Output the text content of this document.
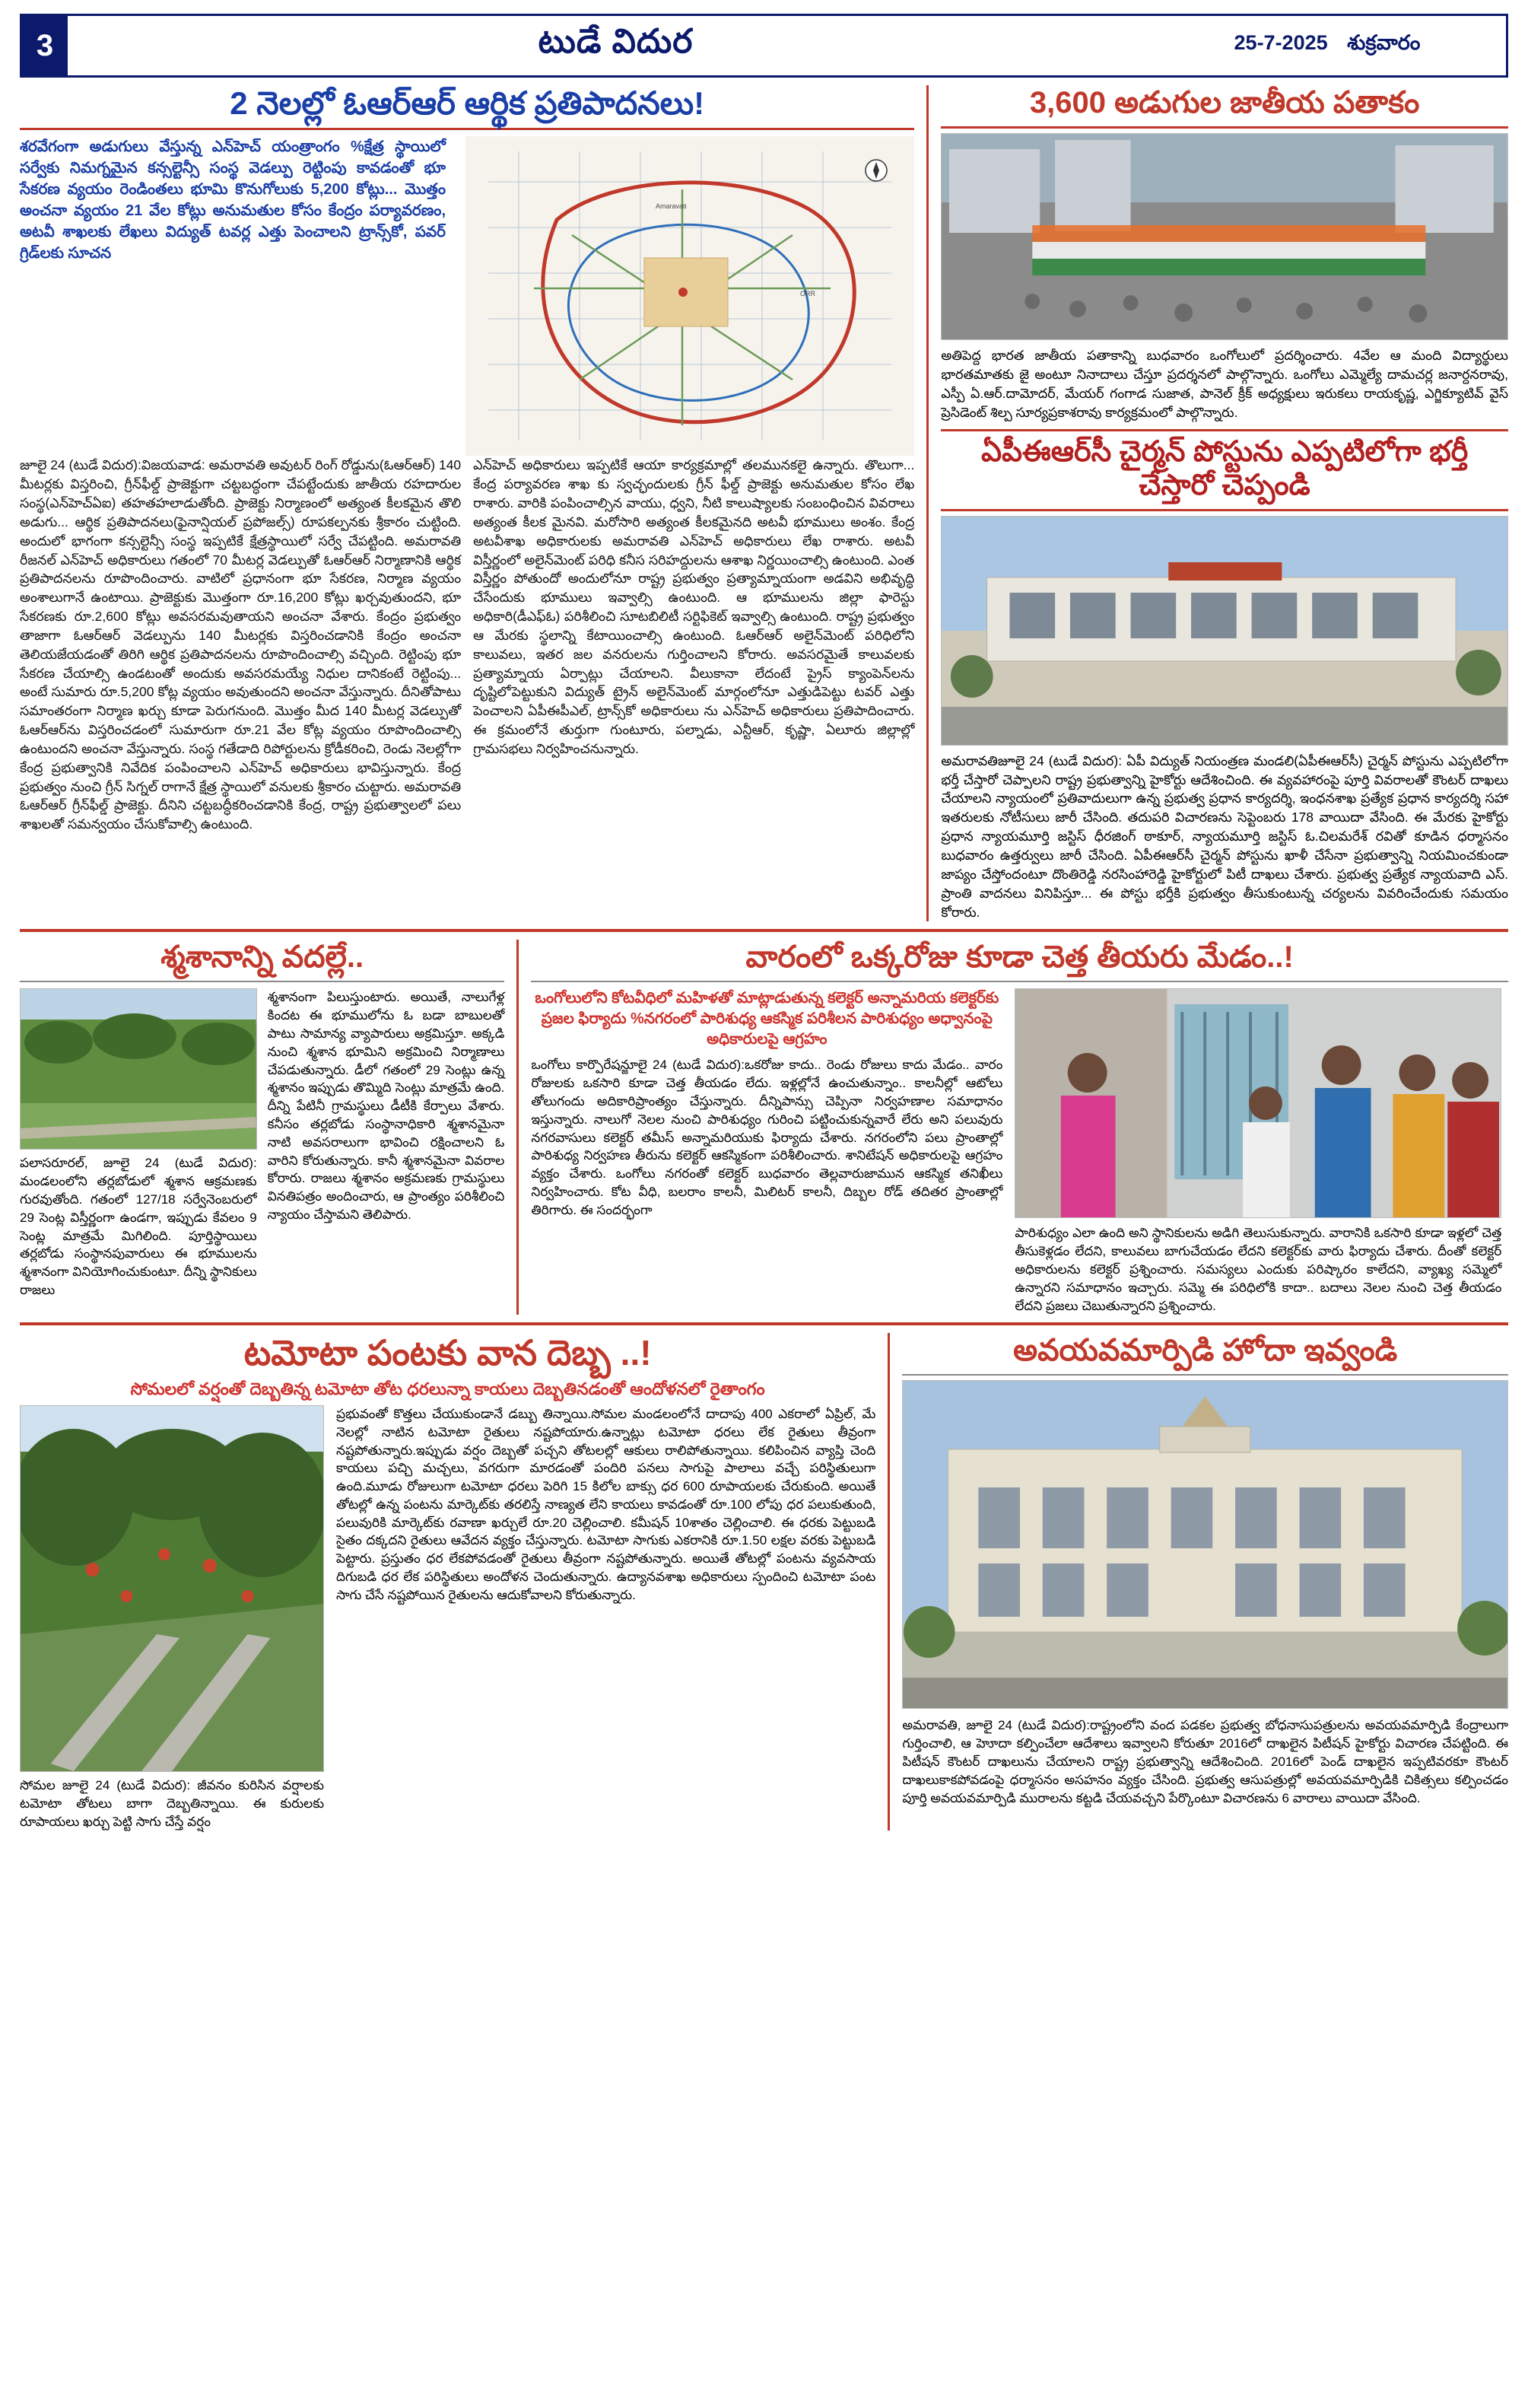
3	టుడే విదుర	25-7-2025 శుక్రవారం
2 నెలల్లో ఓఆర్ఆర్ ఆర్థిక ప్రతిపాదనలు!
శరవేగంగా అడుగులు వేస్తున్న ఎన్‌హెచ్‌ యంత్రాంగం %క్షేత్ర స్థాయిలో సర్వేకు నిమగ్నమైన కన్సల్టెన్సీ సంస్థ వెడల్పు రెట్టింపు కావడంతో భూ సేకరణ వ్యయం రెండింతలు భూమి కొనుగోలుకు 5,200 కోట్లు... మొత్తం అంచనా వ్యయం 21 వేల కోట్లు అనుమతుల కోసం కేంద్రం పర్యావరణం, అటవీ శాఖలకు లేఖలు విద్యుత్ టవర్ల ఎత్తు పెంచాలని ట్రాన్స్‌కో, పవర్ గ్రిడ్‌లకు సూచన
Amaravati
ORR
జూలై 24 (టుడే విదుర):విజయవాడ: అమరావతి అవుటర్ రింగ్ రోడ్డును(ఓఆర్ఆర్) 140 మీటర్లకు విస్తరించి, గ్రీన్‌ఫీల్డ్ ప్రాజెక్టుగా చట్టబద్ధంగా చేపట్టేందుకు జాతీయ రహదారుల సంస్థ(ఎన్‌హెచ్‌ఏఐ) తహతహలాడుతోంది. ప్రాజెక్టు నిర్మాణంలో అత్యంత కీలకమైన తొలి అడుగు... ఆర్థిక ప్రతిపాదనలు(ఫైనాన్షియల్ ప్రపోజల్స్) రూపకల్పనకు శ్రీకారం చుట్టింది. అందులో భాగంగా కన్సల్టెన్సీ సంస్థ ఇప్పటికే క్షేత్రస్థాయిలో సర్వే చేపట్టింది. అమరావతి రీజనల్ ఎన్‌హెచ్‌ అధికారులు గతంలో 70 మీటర్ల వెడల్పుతో ఓఆర్ఆర్ నిర్మాణానికి ఆర్థిక ప్రతిపాదనలను రూపొందించారు. వాటిలో ప్రధానంగా భూ సేకరణ, నిర్మాణ వ్యయం అంశాలుగానే ఉంటాయి. ప్రాజెక్టుకు మొత్తంగా రూ.16,200 కోట్లు ఖర్చవుతుందని, భూ సేకరణకు రూ.2,600 కోట్లు అవసరమవుతాయని అంచనా వేశారు. కేంద్రం ప్రభుత్వం తాజాగా ఓఆర్ఆర్ వెడల్పును 140 మీటర్లకు విస్తరించడానికి కేంద్రం అంచనా తెలియజేయడంతో తిరిగి ఆర్థిక ప్రతిపాదనలను రూపొందించాల్సి వచ్చింది. రెట్టింపు భూ సేకరణ చేయాల్సి ఉండటంతో అందుకు అవసరమయ్యే నిధుల దానికంటే రెట్టింపు... అంటే సుమారు రూ.5,200 కోట్ల వ్యయం అవుతుందని అంచనా వేస్తున్నారు. దీనితోపాటు సమాంతరంగా నిర్మాణ ఖర్చు కూడా పెరుగనుంది. మొత్తం మీద 140 మీటర్ల వెడల్పుతో ఓఆర్ఆర్‌ను విస్తరించడంలో సుమారుగా రూ.21 వేల కోట్ల వ్యయం రూపొందించాల్సి ఉంటుందని అంచనా వేస్తున్నారు. సంస్థ గతేడాది రిపోర్టులను క్రోడీకరించి, రెండు నెలల్లోగా కేంద్ర ప్రభుత్వానికి నివేదిక పంపించాలని ఎన్‌హెచ్ అధికారులు భావిస్తున్నారు. కేంద్ర ప్రభుత్వం నుంచి గ్రీన్ సిగ్నల్ రాగానే క్షేత్ర స్థాయిలో వనులకు శ్రీకారం చుట్టారు. అమరావతి ఓఆర్ఆర్ గ్రీన్‌ఫీల్డ్ ప్రాజెక్టు. దీనిని చట్టబద్ధీకరించడానికి కేంద్ర, రాష్ట్ర ప్రభుత్వాలలో పలు శాఖలతో సమన్వయం చేసుకోవాల్సి ఉంటుంది.
ఎన్‌హెచ్ అధికారులు ఇప్పటికే ఆయా కార్యక్రమాల్లో తలమునకలై ఉన్నారు. తొలుగా... కేంద్ర పర్యావరణ శాఖ కు స్వచ్ఛందులకు గ్రీన్ ఫీల్డ్ ప్రాజెక్టు అనుమతుల కోసం లేఖ రాశారు. వారికి పంపించాల్సిన వాయు, ధ్వని, నీటి కాలుష్యాలకు సంబంధించిన వివరాలు అత్యంత కీలక మైనవి. మరోసారి అత్యంత కీలకమైనది అటవీ భూములు అంశం. కేంద్ర అటవీశాఖ అధికారులకు అమరావతి ఎన్‌హెచ్ అధికారులు లేఖ రాశారు. అటవీ విస్తీర్ణంలో అలైన్‌మెంట్ పరిధి కనీస సరిహద్దులను ఆశాఖ నిర్ణయించాల్సి ఉంటుంది. ఎంత విస్తీర్ణం పోతుందో అందులోనూ రాష్ట్ర ప్రభుత్వం ప్రత్యామ్నాయంగా అడవిని అభివృద్ధి చేసేందుకు భూములు ఇవ్వాల్సి ఉంటుంది. ఆ భూములను జిల్లా ఫారెస్టు అధికారి(డీఎఫ్‌ఓ) పరిశీలించి సూటబిలిటీ సర్టిఫికెట్ ఇవ్వాల్సి ఉంటుంది. రాష్ట్ర ప్రభుత్వం ఆ మేరకు స్థలాన్ని కేటాయించాల్సి ఉంటుంది. ఓఆర్ఆర్ అలైన్‌మెంట్ పరిధిలోని కాలువలు, ఇతర జల వనరులను గుర్తించాలని కోరారు. అవసరమైతే కాలువలకు ప్రత్యామ్నాయ ఏర్పాట్లు చేయాలని. వీలుకానా లేదంటే ప్రైస్ క్యాంపెన్‌లను దృష్టిలోపెట్టుకుని విద్యుత్ ట్రైన్ అలైన్‌మెంట్ మార్గంలోనూ ఎత్తుడిపెట్టు టవర్ ఎత్తు పెంచాలని ఏపీఈపీఎల్, ట్రాన్స్‌కో అధికారులు ను ఎన్‌హెచ్ అధికారులు ప్రతిపాదించారు. ఈ క్రమంలోనే తుర్తుగా గుంటూరు, పల్నాడు, ఎన్టీఆర్, కృష్ణా, ఏలూరు జిల్లాల్లో గ్రామసభలు నిర్వహించనున్నారు.
3,600 అడుగుల జాతీయ పతాకం
అతిపెద్ద భారత జాతీయ పతాకాన్ని బుధవారం ఒంగోలులో ప్రదర్శించారు. 4వేల ఆ మంది విద్యార్థులు భారతమాతకు జై అంటూ నినాదాలు చేస్తూ ప్రదర్శనలో పాల్గొన్నారు. ఒంగోలు ఎమ్మెల్యే దామచర్ల జనార్దనరావు, ఎస్పీ ఏ.ఆర్.దామోదర్, మేయర్ గంగాడ సుజాత, పానెల్ క్రీక్ అధ్యక్షులు ఇరుకలు రాయకృష్ణ, ఎగ్జిక్యూటివ్ వైస్ ప్రెసిడెంట్ శిల్ప సూర్యప్రకాశరావు కార్యక్రమంలో పాల్గొన్నారు.
ఏపీఈఆర్‌సీ చైర్మన్ పోస్టును ఎప్పటిలోగా భర్తీ చేస్తారో చెప్పండి
అమరావతిజూలై 24 (టుడే విదుర): ఏపీ విద్యుత్ నియంత్రణ మండలి(ఏపీఈఆర్‌సీ) చైర్మన్ పోస్టును ఎప్పటిలోగా భర్తీ చేస్తారో చెప్పాలని రాష్ట్ర ప్రభుత్వాన్ని హైకోర్టు ఆదేశించింది. ఈ వ్యవహారంపై పూర్తి వివరాలతో కౌంటర్ దాఖలు చేయాలని న్యాయంలో ప్రతివాదులుగా ఉన్న ప్రభుత్వ ప్రధాన కార్యదర్శి, ఇంధనశాఖ ప్రత్యేక ప్రధాన కార్యదర్శి సహా ఇతరులకు నోటీసులు జారీ చేసింది. తదుపరి విచారణను సెప్టెంబరు 178 వాయిదా వేసింది. ఈ మేరకు హైకోర్టు ప్రధాన న్యాయమూర్తి జస్టిస్ ధీరజింగ్ ఠాకూర్, న్యాయమూర్తి జస్టిస్ ఓ.చిలమరేశ్ రవితో కూడిన ధర్మాసనం బుధవారం ఉత్తర్వులు జారీ చేసింది. ఏపీఈఆర్‌సీ చైర్మన్ పోస్టును ఖాళీ చేసేనా ప్రభుత్వాన్ని నియమించకుండా జాప్యం చేస్తోందంటూ దొంతిరెడ్డి నరసింహారెడ్డి హైకోర్టులో పిటీ దాఖలు చేశారు. ప్రభుత్వ ప్రత్యేక న్యాయవాది ఎస్. ప్రాంతి వాదనలు వినిపిస్తూ... ఈ పోస్టు భర్తీకి ప్రభుత్వం తీసుకుంటున్న చర్యలను వివరించేందుకు సమయం కోరారు.
శ్మశానాన్ని వదల్లే..
పలాసరూరల్, జూలై 24 (టుడే విదుర): మండలంలోని తర్లబోడులో శ్మశాన ఆక్రమణకు గురవుతోంది. గతంలో 127/18 సర్వేనెంబరులో 29 సెంట్ల విస్తీర్ణంగా ఉండగా, ఇప్పుడు కేవలం 9 సెంట్ల మాత్రమే మిగిలింది. పూర్తిస్థాయిలు తర్లబోడు సంస్థానపువారులు ఈ భూములను శ్మశానంగా వినియోగించుకుంటూ. దీన్ని స్థానికులు రాజలు
శ్మశానంగా పిలుస్తుంటారు. అయితే, నాలుగేళ్ల కిందట ఈ భూములోను ఓ బడా బాబులతో పాటు సామాన్య వ్యాపారులు అక్రమిస్తూ. అక్కడి నుంచి శ్మశాన భూమిని అక్రమించి నిర్మాణాలు చేపడుతున్నారు. డీలో గతంలో 29 సెంట్లు ఉన్న శ్మశానం ఇప్పుడు తొమ్మిది సెంట్లు మాత్రమే ఉంది. దీన్ని పేటినీ గ్రామస్థులు డీటీకి కేర్పాలు వేశారు. కనీసం తర్లబోడు సంస్థానాధికారి శ్మశానమైనా నాటి అవసరాలుగా భావించి రక్షించాలని ఓ వారిని కోరుతున్నారు. కానీ శ్మశానమైనా వివరాల కోరారు. రాజలు శ్మశానం అక్రమణకు గ్రామస్థులు వినతిపత్రం అందించారు, ఆ ప్రాంత్యం పరిశీలించి న్యాయం చేస్తామని తెలిపారు.
వారంలో ఒక్కరోజు కూడా చెత్త తీయరు మేడం..!
ఒంగోలులోని కోటవీధిలో మహిళతో మాట్లాడుతున్న కలెక్టర్ అన్నామరియ కలెక్టర్‌కు ప్రజల ఫిర్యాదు %నగరంలో పారిశుధ్య ఆకస్మిక పరిశీలన పారిశుధ్యం అధ్వానంపై అధికారులపై ఆగ్రహం
ఒంగోలు కార్పొరేషన్జూలై 24 (టుడే విదుర):ఒకరోజు కాదు.. రెండు రోజులు కాదు మేడం.. వారం రోజులకు ఒకసారి కూడా చెత్త తీయడం లేదు. ఇళ్లల్లోనే ఉంచుతున్నాం.. కాలనీల్లో ఆటోలు తోలుగందు అదికారిప్రాంత్యం చేస్తున్నారు. దీన్నిపాన్సు చెప్పినా నిర్వహణాల సమాధానం ఇస్తున్నారు. నాలుగో నెలల నుంచి పారిశుధ్యం గురించి పట్టించుకున్నవారే లేరు అని పలువురు నగరవాసులు కలెక్టర్ తమీస్ అన్నామరియుకు ఫిర్యాదు చేశారు. నగరంలోని పలు ప్రాంతాల్లో పారిశుధ్య నిర్వహణ తీరును కలెక్టర్ ఆకస్మికంగా పరిశీలించారు. శానిటేషన్ అధికారులపై ఆగ్రహం వ్యక్తం చేశారు. ఒంగోలు నగరంతో కలెక్టర్ బుధవారం తెల్లవారుజామున ఆకస్మిక తనిఖీలు నిర్వహించారు. కోట వీధి, బలరాం కాలనీ, మిలిటర్ కాలనీ, దిబ్బల రోడ్ తదితర ప్రాంతాల్లో తిరిగారు. ఈ సందర్భంగా
పారిశుధ్యం ఎలా ఉంది అని స్థానికులను అడిగి తెలుసుకున్నారు. వారానికి ఒకసారి కూడా ఇళ్లలో చెత్త తీసుకెళ్లడం లేదని, కాలువలు బాగుచేయడం లేదని కలెక్టర్‌కు వారు ఫిర్యాదు చేశారు. దీంతో కలెక్టర్ అధికారులను కలెక్టర్ ప్రశ్నించారు. సమస్యలు ఎందుకు పరిష్కారం కాలేదని, వ్యాఖ్య సమ్మెలో ఉన్నారని సమాధానం ఇచ్చారు. సమ్మె ఈ పరిధిలోకి కాదా.. బదాలు నెలల నుంచి చెత్త తీయడం లేదని ప్రజలు చెబుతున్నారని ప్రశ్నించారు.
టమోటా పంటకు వాన దెబ్బ ..!
సోమలలో వర్షంతో దెబ్బతిన్న టమోటా తోట ధరలున్నా కాయలు దెబ్బతినడంతో ఆందోళనలో రైతాంగం
సోమల జూలై 24 (టుడే విదుర): జీవనం కురిసిన వర్షాలకు టమోటా తోటలు బాగా దెబ్బతిన్నాయి. ఈ కురులకు రూపాయలు ఖర్చు పెట్టి సాగు చేస్తే వర్షం
ప్రభువంతో కొత్తలు చేయుకుండానే డబ్బు తిన్నాయి.సోమల మండలంలోనే దాదాపు 400 ఎకరాలో ఏప్రిల్, మే నెలల్లో నాటిన టమోటా రైతులు నష్టపోయారు.ఉన్నాట్లు టమోటా ధరలు లేక రైతులు తీవ్రంగా నష్టపోతున్నారు.ఇప్పుడు వర్షం దెబ్బతో పచ్చని తోటలల్లో ఆకులు రాలిపోతున్నాయి. కలిపించిన వ్యాప్తి చెంది కాయలు పచ్చి మచ్చలు, వగరుగా మారడంతో పందిరి పనలు సాగుపై పాలాలు వచ్చే పరిస్థితులుగా ఉంది.మూడు రోజులుగా టమోటా ధరలు పెరిగి 15 కిలోల బాక్సు ధర 600 రూపాయలకు చేరుకుంది. అయితే తోటల్లో ఉన్న పంటను మార్కెట్‌కు తరలిస్తే నాణ్యత లేని కాయలు కావడంతో రూ.100 లోపు ధర పలుకుతుంది, పలువురికి మార్కెట్‌కు రవాణా ఖర్చులే రూ.20 చెల్లించాలి. కమీషన్ 10శాతం చెల్లించాలి. ఈ ధరకు పెట్టుబడి సైతం దక్కదని రైతులు ఆవేదన వ్యక్తం చేస్తున్నారు. టమోటా సాగుకు ఎకరానికి రూ.1.50 లక్షల వరకు పెట్టుబడి పెట్టారు. ప్రస్తుతం ధర లేకపోవడంతో రైతులు తీవ్రంగా నష్టపోతున్నారు. అయితే తోటల్లో పంటను వ్యవసాయ దిగుబడి ధర లేక పరిస్థితులు అందోళన చెందుతున్నారు. ఉద్యానవశాఖ అధికారులు స్పందించి టమోటా పంట సాగు చేసే నష్టపోయిన రైతులను ఆదుకోవాలని కోరుతున్నారు.
అవయవమార్పిడి హోదా ఇవ్వండి
అమరావతి, జూలై 24 (టుడే విదుర):రాష్ట్రంలోని వంద పడకల ప్రభుత్వ బోధనాసుపత్రులను అవయవమార్పిడి కేంద్రాలుగా గుర్తించాలి, ఆ హెూదా కల్పించేలా ఆదేశాలు ఇవ్వాలని కోరుతూ 2016లో దాఖలైన పిటీషన్ హైకోర్టు విచారణ చేపట్టింది. ఈ పిటీషన్ కౌంటర్ దాఖలును చేయాలని రాష్ట్ర ప్రభుత్వాన్ని ఆదేశించింది. 2016లో పెండ్ దాఖలైన ఇప్పటివరకూ కౌంటర్ దాఖలుకాకపోవడంపై ధర్మాసనం అసహనం వ్యక్తం చేసింది. ప్రభుత్వ ఆసుపత్రుల్లో అవయవమార్పిడికి చికిత్సలు కల్పించడం పూర్తి అవయవమార్పిడి మురాలను కట్టడి చేయవచ్చని పేర్కొంటూ విచారణను 6 వారాలు వాయిదా వేసింది.
